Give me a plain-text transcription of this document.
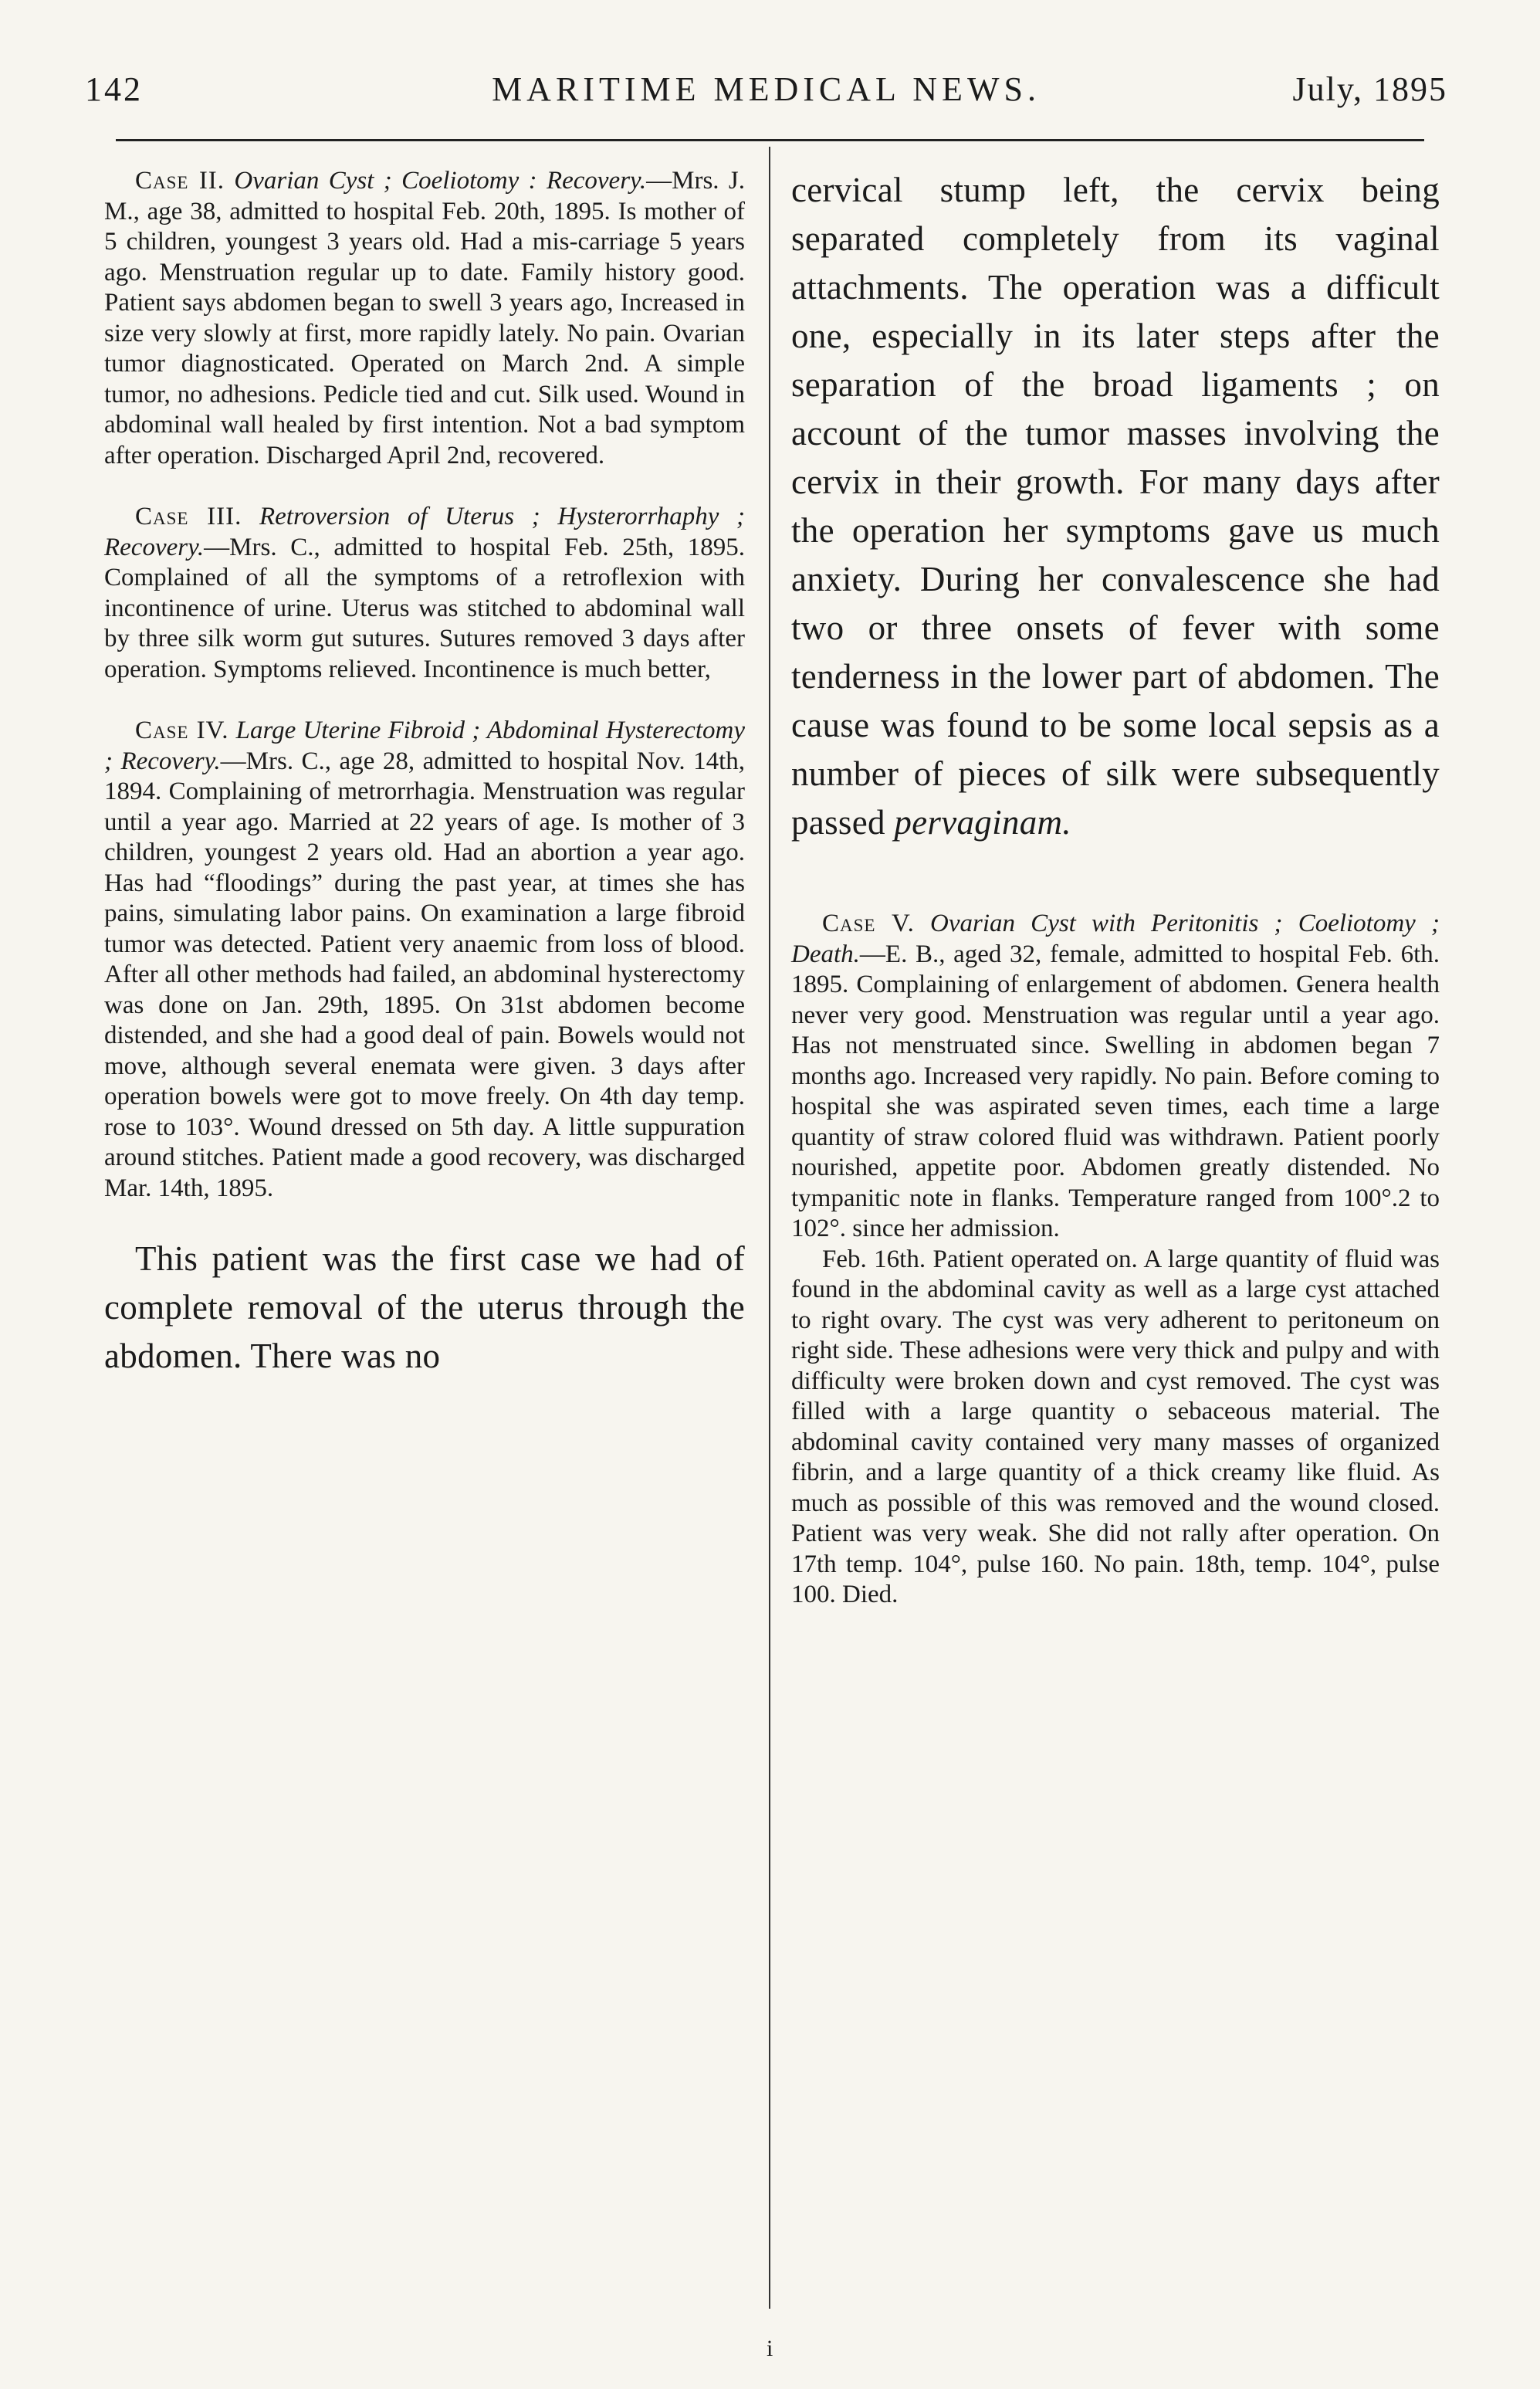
142	MARITIME MEDICAL NEWS.	July, 1895

Case II. Ovarian Cyst ; Coeliotomy : Recovery.—Mrs. J. M., age 38, admitted to hospital Feb. 20th, 1895. Is mother of 5 children, youngest 3 years old. Had a mis-carriage 5 years ago. Menstruation regular up to date. Family history good. Patient says abdomen began to swell 3 years ago, Increased in size very slowly at first, more rapidly lately. No pain. Ovarian tumor diagnosticated. Operated on March 2nd. A simple tumor, no adhesions. Pedicle tied and cut. Silk used. Wound in abdominal wall healed by first intention. Not a bad symptom after operation. Discharged April 2nd, recovered.

Case III. Retroversion of Uterus ; Hysterorrhaphy ; Recovery.—Mrs. C., admitted to hospital Feb. 25th, 1895. Complained of all the symptoms of a retroflexion with incontinence of urine. Uterus was stitched to abdominal wall by three silk worm gut sutures. Sutures removed 3 days after operation. Symptoms relieved. Incontinence is much better,

Case IV. Large Uterine Fibroid ; Abdominal Hysterectomy ; Recovery.—Mrs. C., age 28, admitted to hospital Nov. 14th, 1894. Complaining of metrorrhagia. Menstruation was regular until a year ago. Married at 22 years of age. Is mother of 3 children, youngest 2 years old. Had an abortion a year ago. Has had “floodings” during the past year, at times she has pains, simulating labor pains. On examination a large fibroid tumor was detected. Patient very anaemic from loss of blood. After all other methods had failed, an abdominal hysterectomy was done on Jan. 29th, 1895. On 31st abdomen become distended, and she had a good deal of pain. Bowels would not move, although several enemata were given. 3 days after operation bowels were got to move freely. On 4th day temp. rose to 103°. Wound dressed on 5th day. A little suppuration around stitches. Patient made a good recovery, was discharged Mar. 14th, 1895.

This patient was the first case we had of complete removal of the uterus through the abdomen. There was no

cervical stump left, the cervix being separated completely from its vaginal attachments. The operation was a difficult one, especially in its later steps after the separation of the broad ligaments ; on account of the tumor masses involving the cervix in their growth. For many days after the operation her symptoms gave us much anxiety. During her convalescence she had two or three onsets of fever with some tenderness in the lower part of abdomen. The cause was found to be some local sepsis as a number of pieces of silk were subsequently passed pervaginam.

Case V. Ovarian Cyst with Peritonitis ; Coeliotomy ; Death.—E. B., aged 32, female, admitted to hospital Feb. 6th. 1895. Complaining of enlargement of abdomen. Genera health never very good. Menstruation was regular until a year ago. Has not menstruated since. Swelling in abdomen began 7 months ago. Increased very rapidly. No pain. Before coming to hospital she was aspirated seven times, each time a large quantity of straw colored fluid was withdrawn. Patient poorly nourished, appetite poor. Abdomen greatly distended. No tympanitic note in flanks. Temperature ranged from 100°.2 to 102°. since her admission.

Feb. 16th. Patient operated on. A large quantity of fluid was found in the abdominal cavity as well as a large cyst attached to right ovary. The cyst was very adherent to peritoneum on right side. These adhesions were very thick and pulpy and with difficulty were broken down and cyst removed. The cyst was filled with a large quantity o sebaceous material. The abdominal cavity contained very many masses of organized fibrin, and a large quantity of a thick creamy like fluid. As much as possible of this was removed and the wound closed. Patient was very weak. She did not rally after operation. On 17th temp. 104°, pulse 160. No pain. 18th, temp. 104°, pulse 100. Died.

i
